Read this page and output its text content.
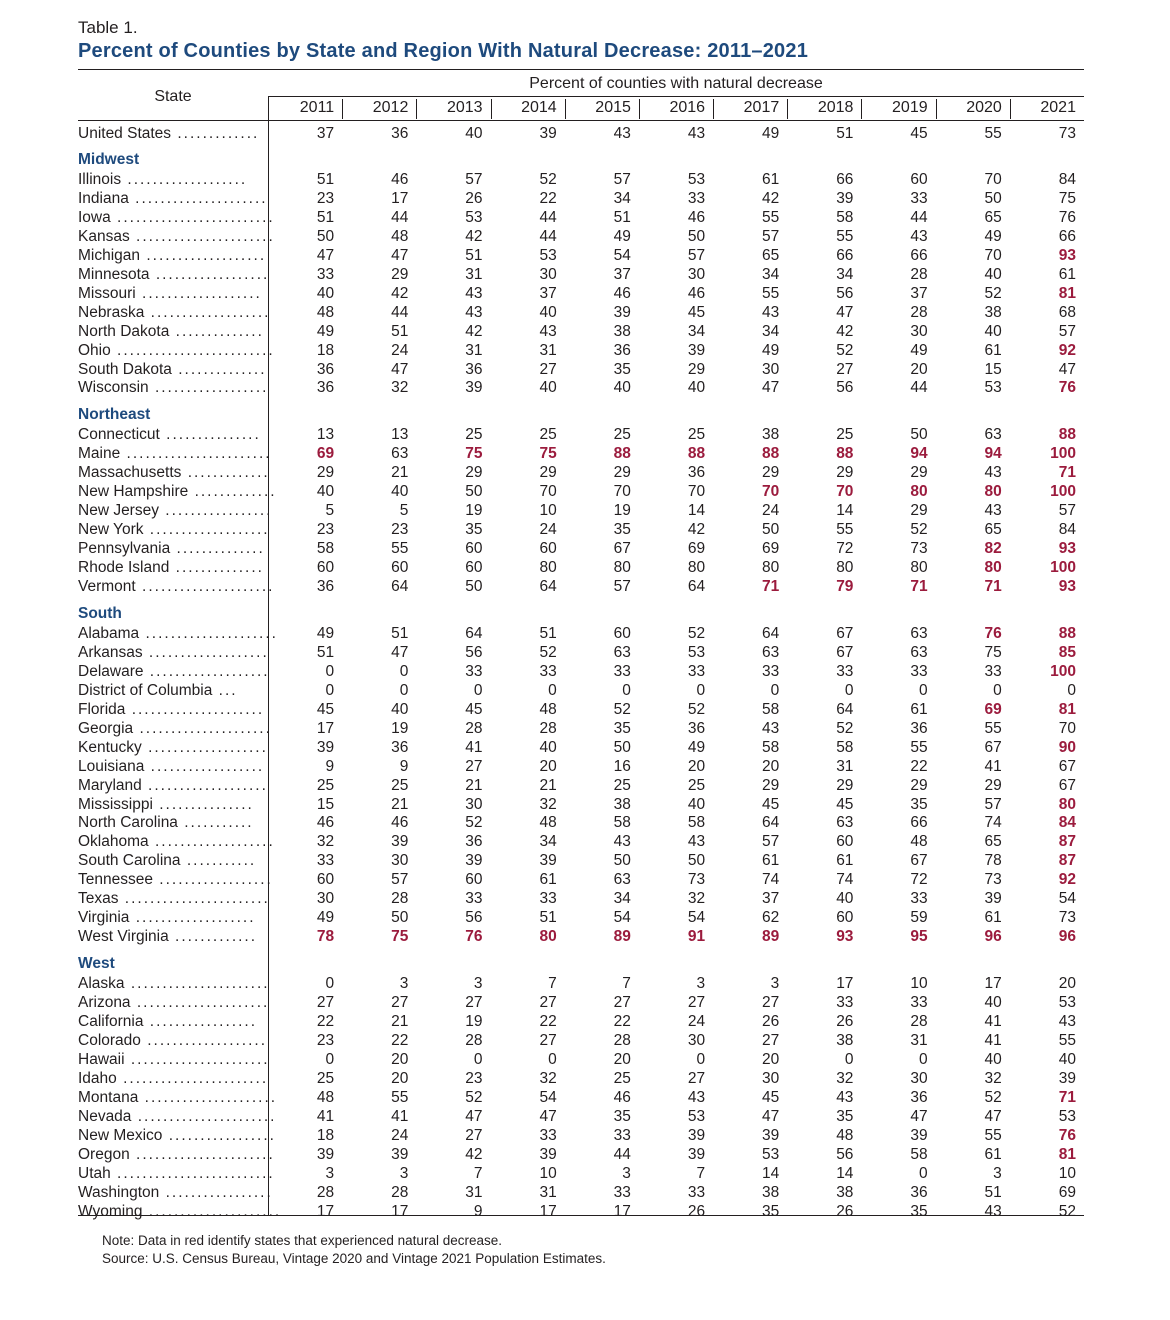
Table 1.
Percent of Counties by State and Region With Natural Decrease: 2011–2021
State
Percent of counties with natural decrease
2011	2012	2013	2014	2015	2016	2017	2018	2019	2020	2021
United States .............	37	36	40	39	43	43	49	51	45	55	73
Midwest
Illinois ...................	51	46	57	52	57	53	61	66	60	70	84
Indiana .....................	23	17	26	22	34	33	42	39	33	50	75
Iowa .........................	51	44	53	44	51	46	55	58	44	65	76
Kansas ......................	50	48	42	44	49	50	57	55	43	49	66
Michigan ...................	47	47	51	53	54	57	65	66	66	70	93
Minnesota ..................	33	29	31	30	37	30	34	34	28	40	61
Missouri ...................	40	42	43	37	46	46	55	56	37	52	81
Nebraska ...................	48	44	43	40	39	45	43	47	28	38	68
North Dakota ..............	49	51	42	43	38	34	34	42	30	40	57
Ohio .........................	18	24	31	31	36	39	49	52	49	61	92
South Dakota ..............	36	47	36	27	35	29	30	27	20	15	47
Wisconsin ..................	36	32	39	40	40	40	47	56	44	53	76
Northeast
Connecticut ...............	13	13	25	25	25	25	38	25	50	63	88
Maine .......................	69	63	75	75	88	88	88	88	94	94	100
Massachusetts .............	29	21	29	29	29	36	29	29	29	43	71
New Hampshire .............	40	40	50	70	70	70	70	70	80	80	100
New Jersey .................	5	5	19	10	19	14	24	14	29	43	57
New York ...................	23	23	35	24	35	42	50	55	52	65	84
Pennsylvania ..............	58	55	60	60	67	69	69	72	73	82	93
Rhode Island ..............	60	60	60	80	80	80	80	80	80	80	100
Vermont .....................	36	64	50	64	57	64	71	79	71	71	93
South
Alabama .....................	49	51	64	51	60	52	64	67	63	76	88
Arkansas ...................	51	47	56	52	63	53	63	67	63	75	85
Delaware ...................	0	0	33	33	33	33	33	33	33	33	100
District of Columbia ...	0	0	0	0	0	0	0	0	0	0	0
Florida .....................	45	40	45	48	52	52	58	64	61	69	81
Georgia .....................	17	19	28	28	35	36	43	52	36	55	70
Kentucky ...................	39	36	41	40	50	49	58	58	55	67	90
Louisiana ..................	9	9	27	20	16	20	20	31	22	41	67
Maryland ...................	25	25	21	21	25	25	29	29	29	29	67
Mississippi ...............	15	21	30	32	38	40	45	45	35	57	80
North Carolina ...........	46	46	52	48	58	58	64	63	66	74	84
Oklahoma ...................	32	39	36	34	43	43	57	60	48	65	87
South Carolina ...........	33	30	39	39	50	50	61	61	67	78	87
Tennessee ..................	60	57	60	61	63	73	74	74	72	73	92
Texas .......................	30	28	33	33	34	32	37	40	33	39	54
Virginia ...................	49	50	56	51	54	54	62	60	59	61	73
West Virginia .............	78	75	76	80	89	91	89	93	95	96	96
West
Alaska ......................	0	3	3	7	7	3	3	17	10	17	20
Arizona .....................	27	27	27	27	27	27	27	33	33	40	53
California .................	22	21	19	22	22	24	26	26	28	41	43
Colorado ...................	23	22	28	27	28	30	27	38	31	41	55
Hawaii ......................	0	20	0	0	20	0	20	0	0	40	40
Idaho .......................	25	20	23	32	25	27	30	32	30	32	39
Montana .....................	48	55	52	54	46	43	45	43	36	52	71
Nevada ......................	41	41	47	47	35	53	47	35	47	47	53
New Mexico .................	18	24	27	33	33	39	39	48	39	55	76
Oregon ......................	39	39	42	39	44	39	53	56	58	61	81
Utah .........................	3	3	7	10	3	7	14	14	0	3	10
Washington .................	28	28	31	31	33	33	38	38	36	51	69
Wyoming .....................	17	17	9	17	17	26	35	26	35	43	52
Note: Data in red identify states that experienced natural decrease.
Source: U.S. Census Bureau, Vintage 2020 and Vintage 2021 Population Estimates.
